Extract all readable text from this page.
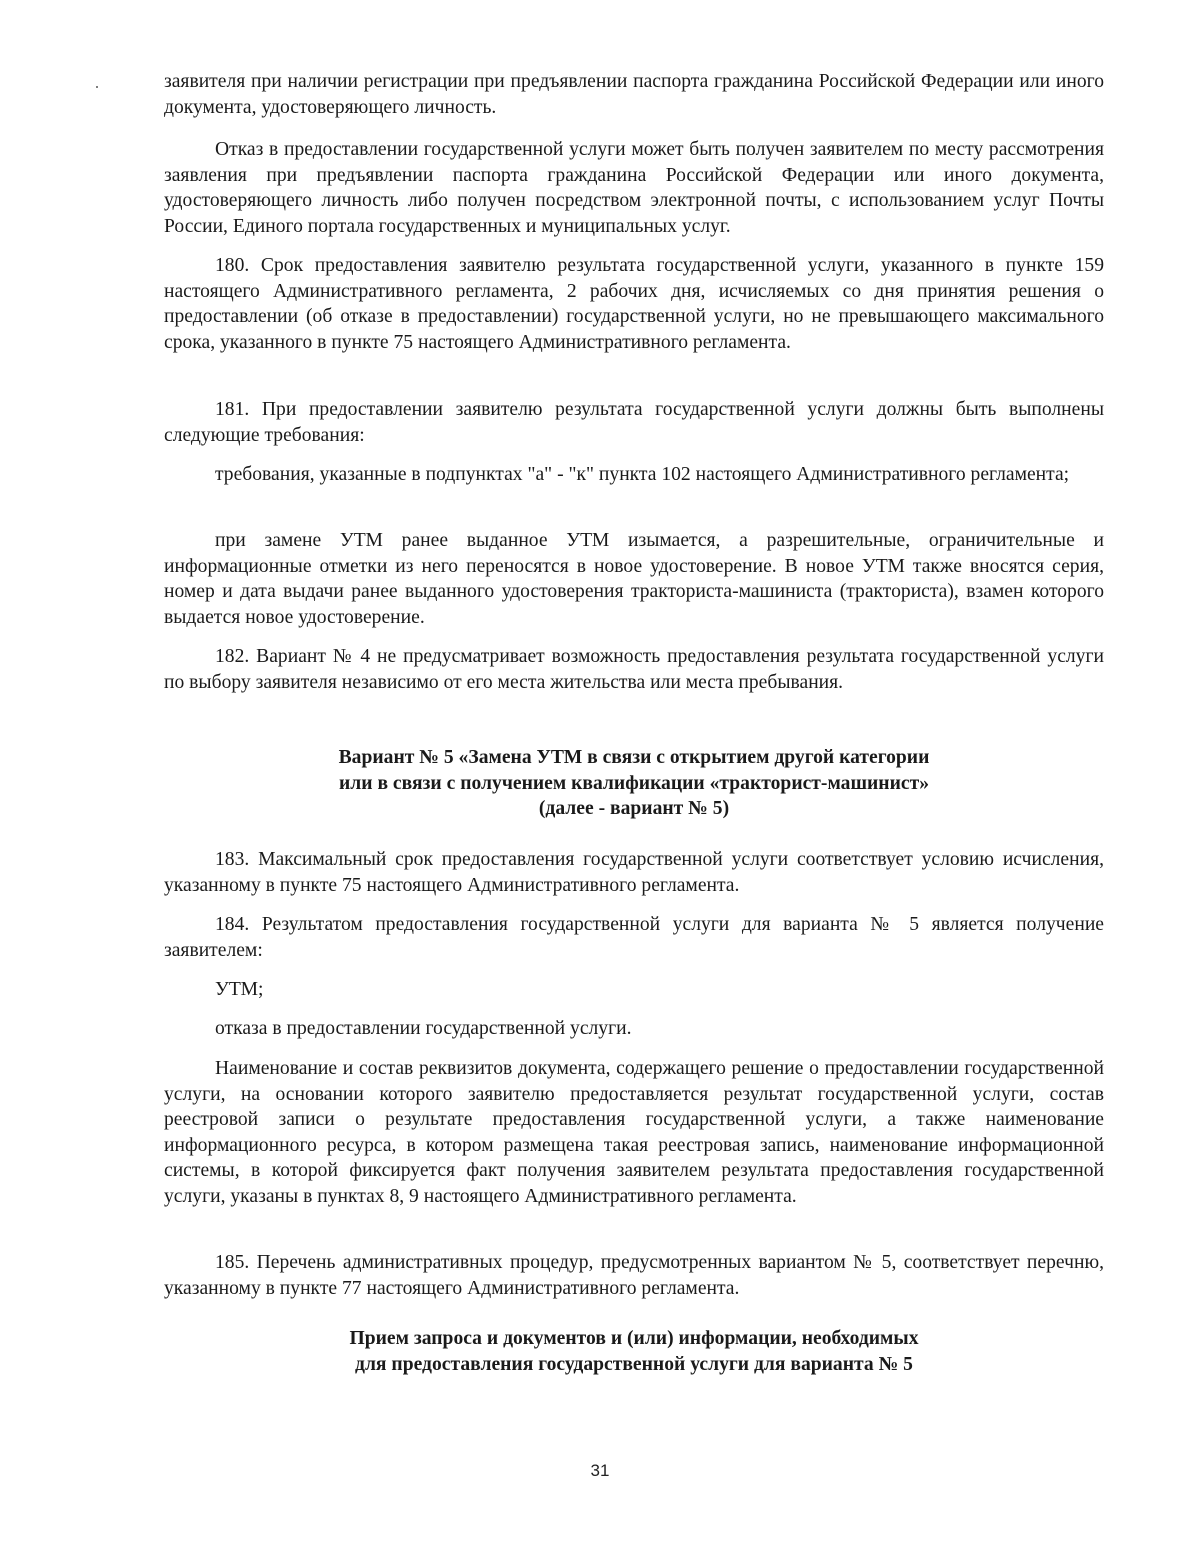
заявителя при наличии регистрации при предъявлении паспорта гражданина Российской Федерации или иного документа, удостоверяющего личность.

Отказ в предоставлении государственной услуги может быть получен заявителем по месту рассмотрения заявления при предъявлении паспорта гражданина Российской Федерации или иного документа, удостоверяющего личность либо получен посредством электронной почты, с использованием услуг Почты России, Единого портала государственных и муниципальных услуг.

180. Срок предоставления заявителю результата государственной услуги, указанного в пункте 159 настоящего Административного регламента, 2 рабочих дня, исчисляемых со дня принятия решения о предоставлении (об отказе в предоставлении) государственной услуги, но не превышающего максимального срока, указанного в пункте 75 настоящего Административного регламента.

181. При предоставлении заявителю результата государственной услуги должны быть выполнены следующие требования:

требования, указанные в подпунктах "а" - "к" пункта 102 настоящего Административного регламента;

при замене УТМ ранее выданное УТМ изымается, а разрешительные, ограничительные и информационные отметки из него переносятся в новое удостоверение. В новое УТМ также вносятся серия, номер и дата выдачи ранее выданного удостоверения тракториста-машиниста (тракториста), взамен которого выдается новое удостоверение.

182. Вариант № 4 не предусматривает возможность предоставления результата государственной услуги по выбору заявителя независимо от его места жительства или места пребывания.

Вариант № 5 «Замена УТМ в связи с открытием другой категории
или в связи с получением квалификации «тракторист-машинист»
(далее - вариант № 5)

183. Максимальный срок предоставления государственной услуги соответствует условию исчисления, указанному в пункте 75 настоящего Административного регламента.

184. Результатом предоставления государственной услуги для варианта № 5 является получение заявителем:

УТМ;

отказа в предоставлении государственной услуги.

Наименование и состав реквизитов документа, содержащего решение о предоставлении государственной услуги, на основании которого заявителю предоставляется результат государственной услуги, состав реестровой записи о результате предоставления государственной услуги, а также наименование информационного ресурса, в котором размещена такая реестровая запись, наименование информационной системы, в которой фиксируется факт получения заявителем результата предоставления государственной услуги, указаны в пунктах 8, 9 настоящего Административного регламента.

185. Перечень административных процедур, предусмотренных вариантом № 5, соответствует перечню, указанному в пункте 77 настоящего Административного регламента.

Прием запроса и документов и (или) информации, необходимых
для предоставления государственной услуги для варианта № 5
31
